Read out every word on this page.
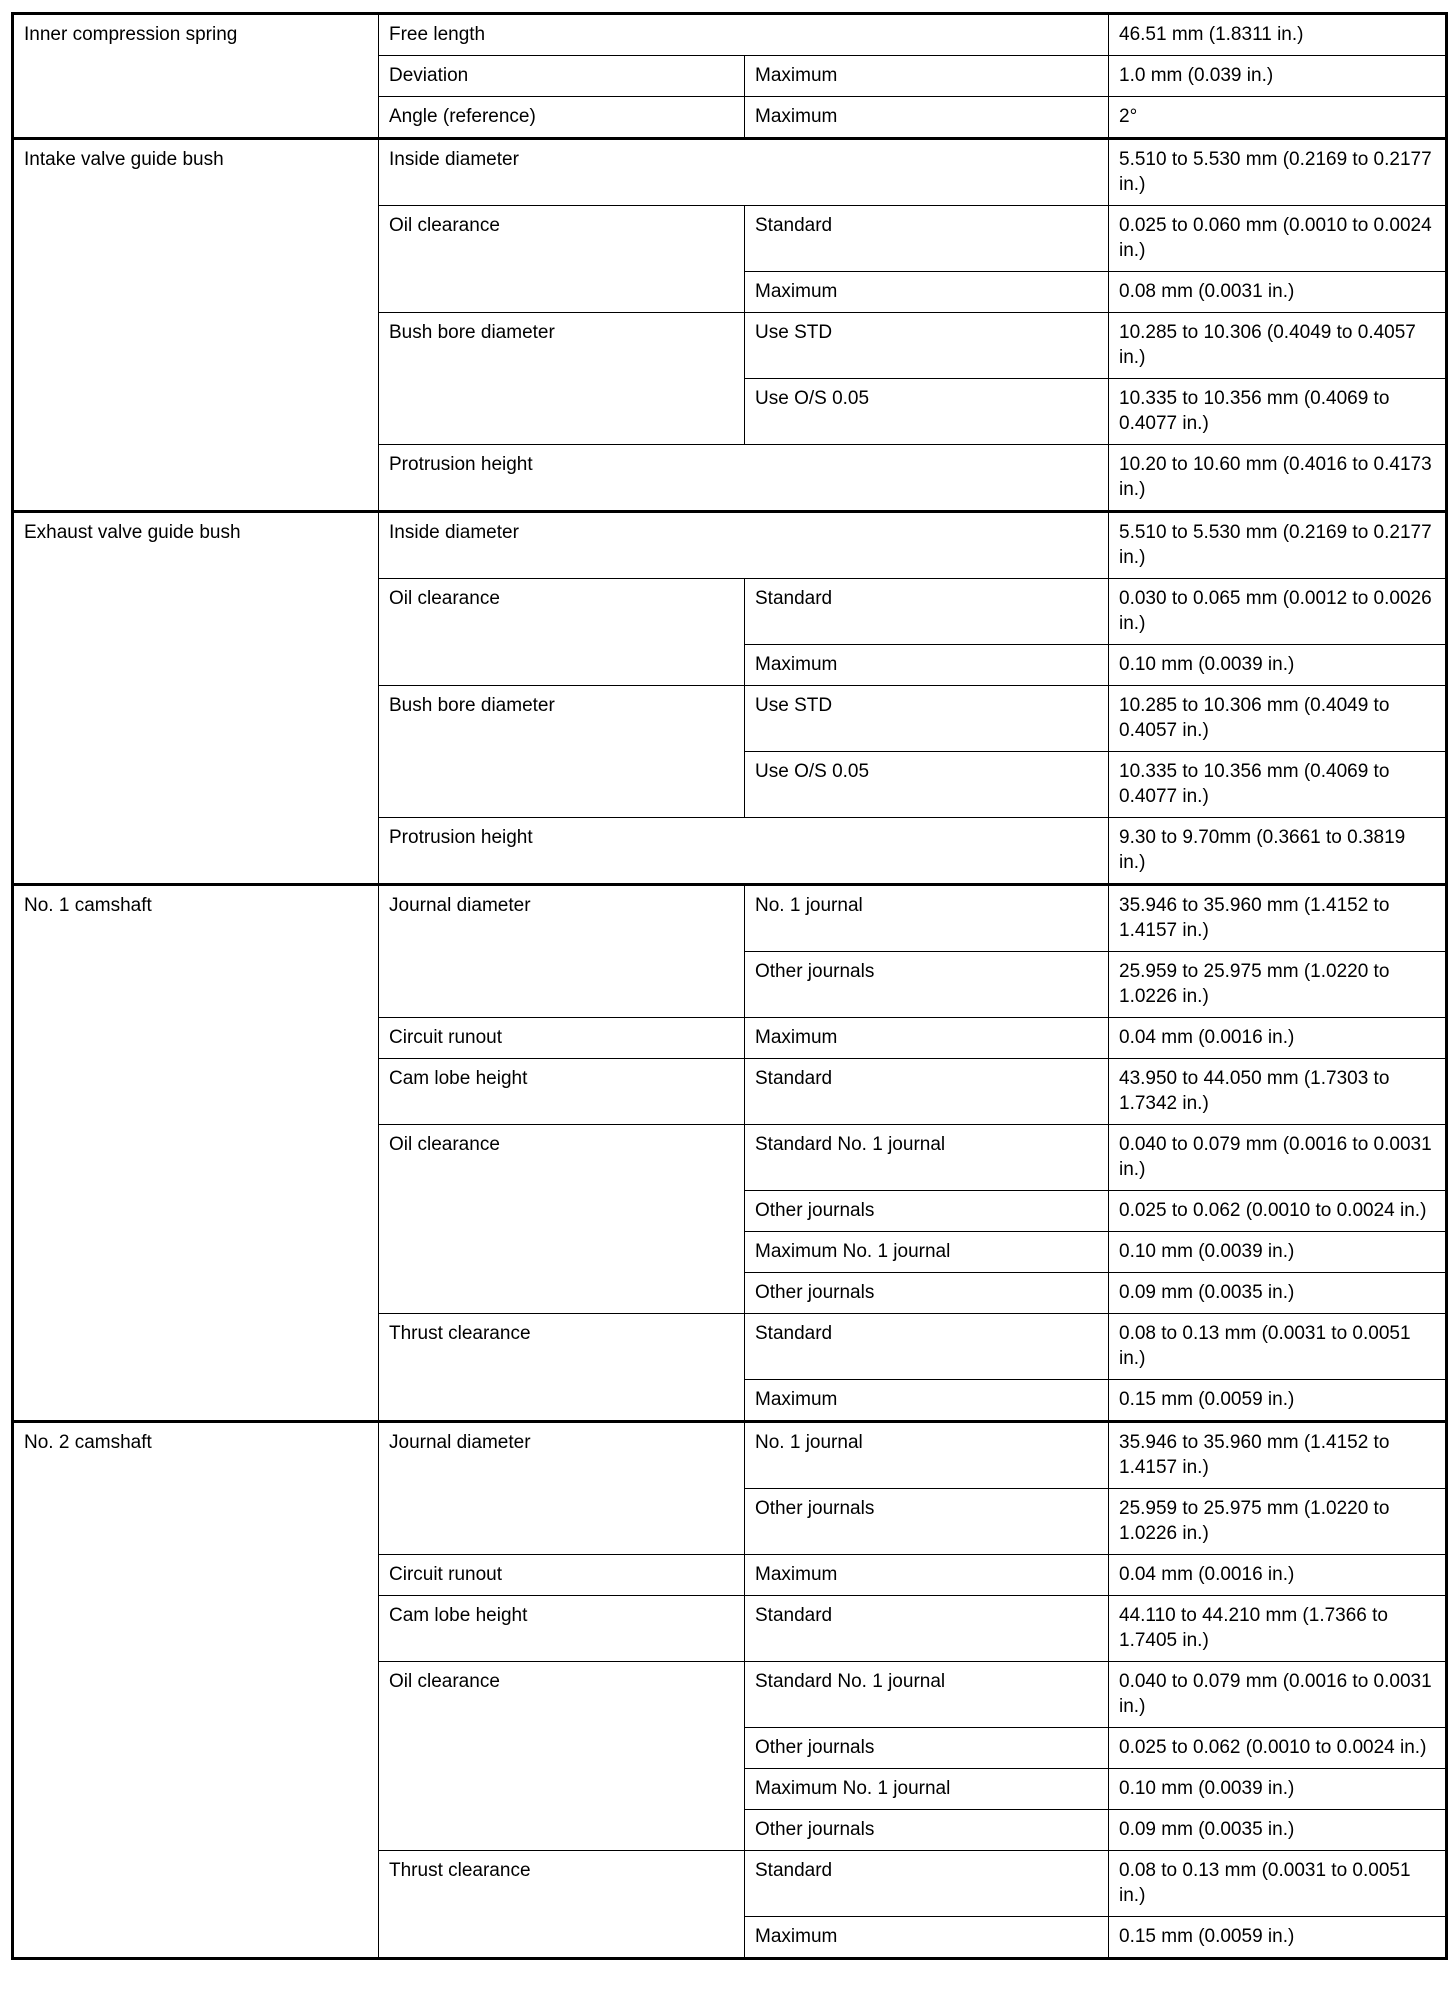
Inner compression spring	Free length		46.51 mm (1.8311 in.)
	Deviation	Maximum	1.0 mm (0.039 in.)
	Angle (reference)	Maximum	2°
Intake valve guide bush	Inside diameter		5.510 to 5.530 mm (0.2169 to 0.2177 in.)
	Oil clearance	Standard	0.025 to 0.060 mm (0.0010 to 0.0024 in.)
		Maximum	0.08 mm (0.0031 in.)
	Bush bore diameter	Use STD	10.285 to 10.306 (0.4049 to 0.4057 in.)
		Use O/S 0.05	10.335 to 10.356 mm (0.4069 to 0.4077 in.)
	Protrusion height		10.20 to 10.60 mm (0.4016 to 0.4173 in.)
Exhaust valve guide bush	Inside diameter		5.510 to 5.530 mm (0.2169 to 0.2177 in.)
	Oil clearance	Standard	0.030 to 0.065 mm (0.0012 to 0.0026 in.)
		Maximum	0.10 mm (0.0039 in.)
	Bush bore diameter	Use STD	10.285 to 10.306 mm (0.4049 to 0.4057 in.)
		Use O/S 0.05	10.335 to 10.356 mm (0.4069 to 0.4077 in.)
	Protrusion height		9.30 to 9.70mm (0.3661 to 0.3819 in.)
No. 1 camshaft	Journal diameter	No. 1 journal	35.946 to 35.960 mm (1.4152 to 1.4157 in.)
		Other journals	25.959 to 25.975 mm (1.0220 to 1.0226 in.)
	Circuit runout	Maximum	0.04 mm (0.0016 in.)
	Cam lobe height	Standard	43.950 to 44.050 mm (1.7303 to 1.7342 in.)
	Oil clearance	Standard No. 1 journal	0.040 to 0.079 mm (0.0016 to 0.0031 in.)
		Other journals	0.025 to 0.062 (0.0010 to 0.0024 in.)
		Maximum No. 1 journal	0.10 mm (0.0039 in.)
		Other journals	0.09 mm (0.0035 in.)
	Thrust clearance	Standard	0.08 to 0.13 mm (0.0031 to 0.0051 in.)
		Maximum	0.15 mm (0.0059 in.)
No. 2 camshaft	Journal diameter	No. 1 journal	35.946 to 35.960 mm (1.4152 to 1.4157 in.)
		Other journals	25.959 to 25.975 mm (1.0220 to 1.0226 in.)
	Circuit runout	Maximum	0.04 mm (0.0016 in.)
	Cam lobe height	Standard	44.110 to 44.210 mm (1.7366 to 1.7405 in.)
	Oil clearance	Standard No. 1 journal	0.040 to 0.079 mm (0.0016 to 0.0031 in.)
		Other journals	0.025 to 0.062 (0.0010 to 0.0024 in.)
		Maximum No. 1 journal	0.10 mm (0.0039 in.)
		Other journals	0.09 mm (0.0035 in.)
	Thrust clearance	Standard	0.08 to 0.13 mm (0.0031 to 0.0051 in.)
		Maximum	0.15 mm (0.0059 in.)
